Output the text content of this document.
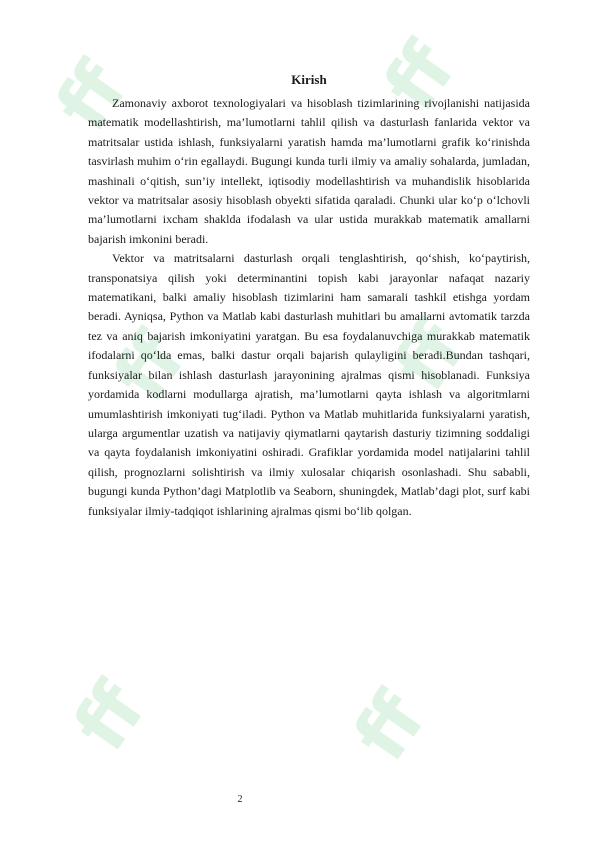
ff	ff
ff ff
ff ff
Kirish

Zamonaviy axborot texnologiyalari va hisoblash tizimlarining rivojlanishi natijasida matematik modellashtirish, ma’lumotlarni tahlil qilish va dasturlash fanlarida vektor va matritsalar ustida ishlash, funksiyalarni yaratish hamda ma’lumotlarni grafik ko‘rinishda tasvirlash muhim o‘rin egallaydi. Bugungi kunda turli ilmiy va amaliy sohalarda, jumladan, mashinali o‘qitish, sun’iy intellekt, iqtisodiy modellashtirish va muhandislik hisoblarida vektor va matritsalar asosiy hisoblash obyekti sifatida qaraladi. Chunki ular ko‘p o‘lchovli ma’lumotlarni ixcham shaklda ifodalash va ular ustida murakkab matematik amallarni bajarish imkonini beradi.

Vektor va matritsalarni dasturlash orqali tenglashtirish, qo‘shish, ko‘paytirish, transponatsiya qilish yoki determinantini topish kabi jarayonlar nafaqat nazariy matematikani, balki amaliy hisoblash tizimlarini ham samarali tashkil etishga yordam beradi. Ayniqsa, Python va Matlab kabi dasturlash muhitlari bu amallarni avtomatik tarzda tez va aniq bajarish imkoniyatini yaratgan. Bu esa foydalanuvchiga murakkab matematik ifodalarni qo‘lda emas, balki dastur orqali bajarish qulayligini beradi.Bundan tashqari, funksiyalar bilan ishlash dasturlash jarayonining ajralmas qismi hisoblanadi. Funksiya yordamida kodlarni modullarga ajratish, ma’lumotlarni qayta ishlash va algoritmlarni umumlashtirish imkoniyati tug‘iladi. Python va Matlab muhitlarida funksiyalarni yaratish, ularga argumentlar uzatish va natijaviy qiymatlarni qaytarish dasturiy tizimning soddaligi va qayta foydalanish imkoniyatini oshiradi. Grafiklar yordamida model natijalarini tahlil qilish, prognozlarni solishtirish va ilmiy xulosalar chiqarish osonlashadi. Shu sababli, bugungi kunda Python’dagi Matplotlib va Seaborn, shuningdek, Matlab’dagi plot, surf kabi funksiyalar ilmiy-tadqiqot ishlarining ajralmas qismi bo‘lib qolgan.

2
